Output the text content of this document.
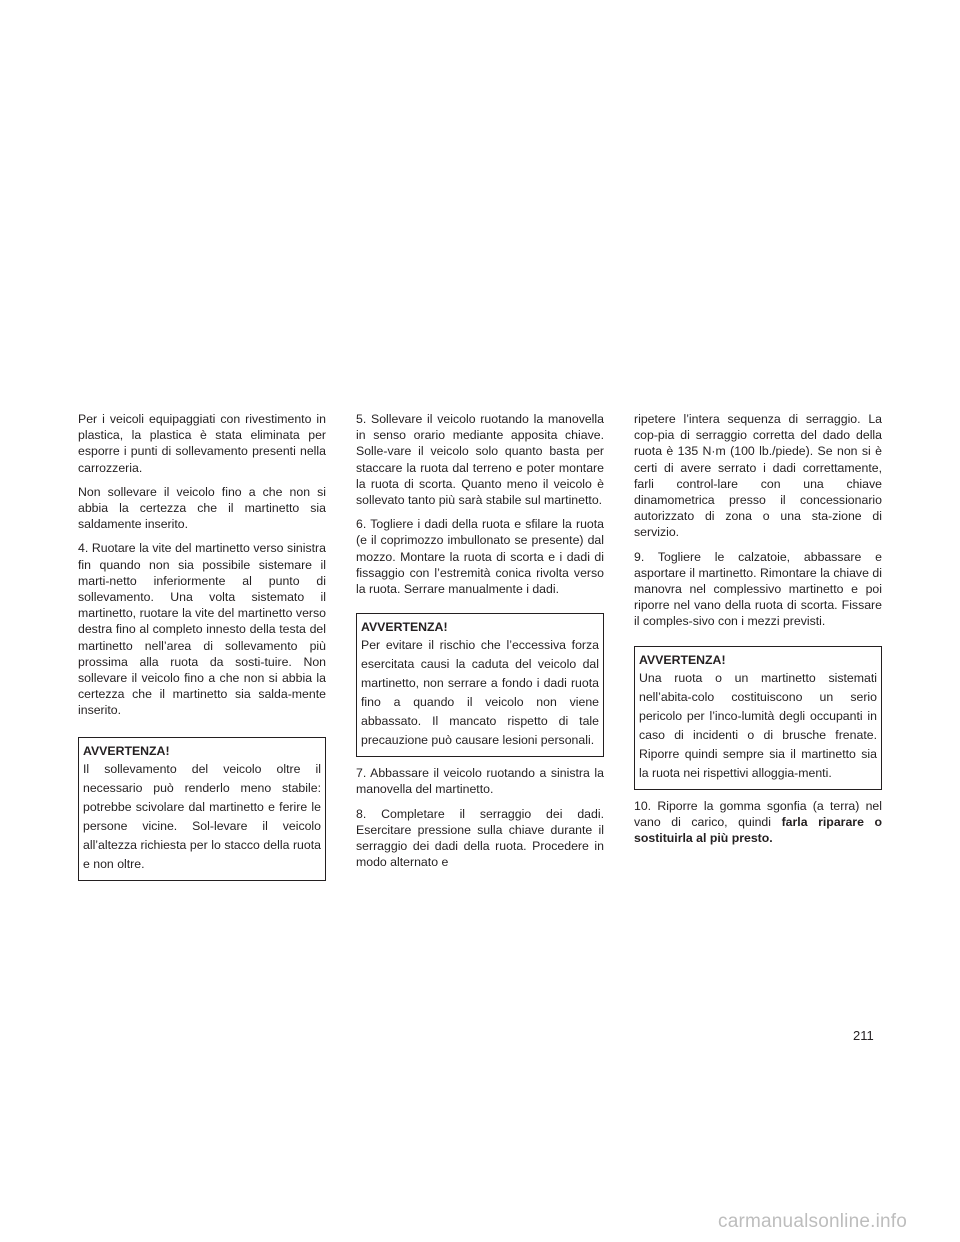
Per i veicoli equipaggiati con rivestimento in plastica, la plastica è stata eliminata per esporre i punti di sollevamento presenti nella carrozzeria.

Non sollevare il veicolo fino a che non si abbia la certezza che il martinetto sia saldamente inserito.

4. Ruotare la vite del martinetto verso sinistra fin quando non sia possibile sistemare il marti-netto inferiormente al punto di sollevamento. Una volta sistemato il martinetto, ruotare la vite del martinetto verso destra fino al completo innesto della testa del martinetto nell’area di sollevamento più prossima alla ruota da sosti-tuire. Non sollevare il veicolo fino a che non si abbia la certezza che il martinetto sia salda-mente inserito.

AVVERTENZA!
Il sollevamento del veicolo oltre il necessario può renderlo meno stabile: potrebbe scivolare dal martinetto e ferire le persone vicine. Sol-levare il veicolo all’altezza richiesta per lo stacco della ruota e non oltre.

5. Sollevare il veicolo ruotando la manovella in senso orario mediante apposita chiave. Solle-vare il veicolo solo quanto basta per staccare la ruota dal terreno e poter montare la ruota di scorta. Quanto meno il veicolo è sollevato tanto più sarà stabile sul martinetto.

6. Togliere i dadi della ruota e sfilare la ruota (e il coprimozzo imbullonato se presente) dal mozzo. Montare la ruota di scorta e i dadi di fissaggio con l’estremità conica rivolta verso la ruota. Serrare manualmente i dadi.

AVVERTENZA!
Per evitare il rischio che l’eccessiva forza esercitata causi la caduta del veicolo dal martinetto, non serrare a fondo i dadi ruota fino a quando il veicolo non viene abbassato. Il mancato rispetto di tale precauzione può causare lesioni personali.

7. Abbassare il veicolo ruotando a sinistra la manovella del martinetto.

8. Completare il serraggio dei dadi. Esercitare pressione sulla chiave durante il serraggio dei dadi della ruota. Procedere in modo alternato e

ripetere l’intera sequenza di serraggio. La cop-pia di serraggio corretta del dado della ruota è 135 N·m (100 lb./piede). Se non si è certi di avere serrato i dadi correttamente, farli control-lare con una chiave dinamometrica presso il concessionario autorizzato di zona o una sta-zione di servizio.

9. Togliere le calzatoie, abbassare e asportare il martinetto. Rimontare la chiave di manovra nel complessivo martinetto e poi riporre nel vano della ruota di scorta. Fissare il comples-sivo con i mezzi previsti.

AVVERTENZA!
Una ruota o un martinetto sistemati nell’abita-colo costituiscono un serio pericolo per l’inco-lumità degli occupanti in caso di incidenti o di brusche frenate. Riporre quindi sempre sia il martinetto sia la ruota nei rispettivi alloggia-menti.

10. Riporre la gomma sgonfia (a terra) nel vano di carico, quindi farla riparare o sostituirla al più presto.

211
carmanualsonline.info
